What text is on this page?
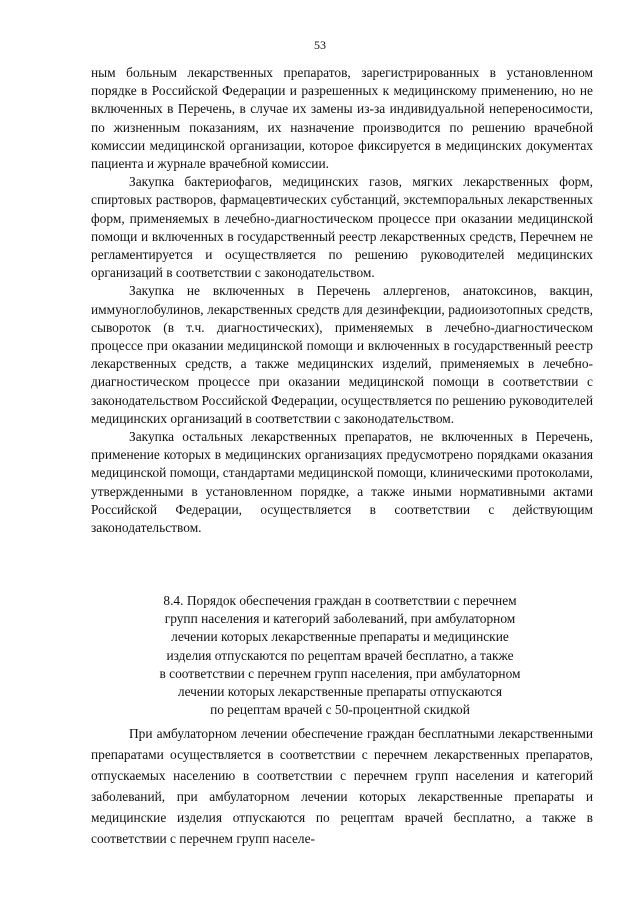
53

ным больным лекарственных препаратов, зарегистрированных в установленном порядке в Российской Федерации и разрешенных к медицинскому применению, но не включенных в Перечень, в случае их замены из-за индивидуальной непереносимости, по жизненным показаниям, их назначение производится по решению врачебной комиссии медицинской организации, которое фиксируется в медицинских документах пациента и журнале врачебной комиссии.

Закупка бактериофагов, медицинских газов, мягких лекарственных форм, спиртовых растворов, фармацевтических субстанций, экстемпоральных лекарственных форм, применяемых в лечебно-диагностическом процессе при оказании медицинской помощи и включенных в государственный реестр лекарственных средств, Перечнем не регламентируется и осуществляется по решению руководителей медицинских организаций в соответствии с законодательством.

Закупка не включенных в Перечень аллергенов, анатоксинов, вакцин, иммуноглобулинов, лекарственных средств для дезинфекции, радиоизотопных средств, сывороток (в т.ч. диагностических), применяемых в лечебно-диагностическом процессе при оказании медицинской помощи и включенных в государственный реестр лекарственных средств, а также медицинских изделий, применяемых в лечебно-диагностическом процессе при оказании медицинской помощи в соответствии с законодательством Российской Федерации, осуществляется по решению руководителей медицинских организаций в соответствии с законодательством.

Закупка остальных лекарственных препаратов, не включенных в Перечень, применение которых в медицинских организациях предусмотрено порядками оказания медицинской помощи, стандартами медицинской помощи, клиническими протоколами, утвержденными в установленном порядке, а также иными нормативными актами Российской Федерации, осуществляется в соответствии с действующим законодательством.

8.4. Порядок обеспечения граждан в соответствии с перечнем
групп населения и категорий заболеваний, при амбулаторном
лечении которых лекарственные препараты и медицинские
изделия отпускаются по рецептам врачей бесплатно, а также
в соответствии с перечнем групп населения, при амбулаторном
лечении которых лекарственные препараты отпускаются
по рецептам врачей с 50-процентной скидкой

При амбулаторном лечении обеспечение граждан бесплатными лекарственными препаратами осуществляется в соответствии с перечнем лекарственных препаратов, отпускаемых населению в соответствии с перечнем групп населения и категорий заболеваний, при амбулаторном лечении которых лекарственные препараты и медицинские изделия отпускаются по рецептам врачей бесплатно, а также в соответствии с перечнем групп населе-
